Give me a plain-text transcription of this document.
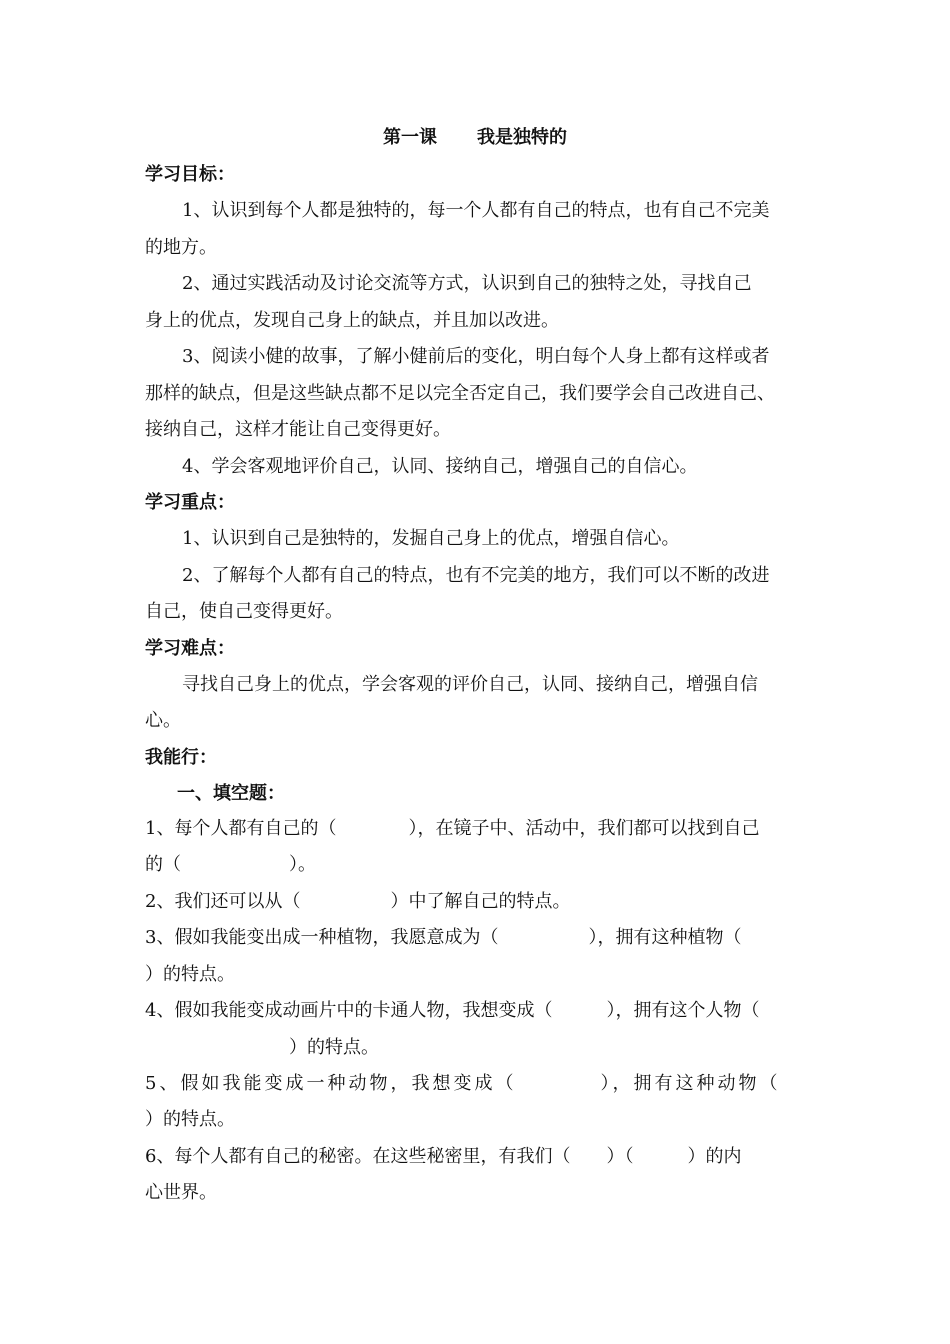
第一课 我是独特的
学习目标：
1、认识到每个人都是独特的，每一个人都有自己的特点，也有自己不完美
的地方。
2、通过实践活动及讨论交流等方式，认识到自己的独特之处，寻找自己
身上的优点，发现自己身上的缺点，并且加以改进。
3、阅读小健的故事，了解小健前后的变化，明白每个人身上都有这样或者
那样的缺点，但是这些缺点都不足以完全否定自己，我们要学会自己改进自己、
接纳自己，这样才能让自己变得更好。
4、学会客观地评价自己，认同、接纳自己，增强自己的自信心。
学习重点：
1、认识到自己是独特的，发掘自己身上的优点，增强自信心。
2、了解每个人都有自己的特点，也有不完美的地方，我们可以不断的改进
自己，使自己变得更好。
学习难点：
寻找自己身上的优点，学会客观的评价自己，认同、接纳自己，增强自信
心。
我能行：
一、填空题：
1、每个人都有自己的（　　　　），在镜子中、活动中，我们都可以找到自己
的（　　　　　　）。
2、我们还可以从（　　　　　）中了解自己的特点。
3、假如我能变出成一种植物，我愿意成为（　　　　　），拥有这种植物（
）的特点。
4、假如我能变成动画片中的卡通人物，我想变成（　　　），拥有这个人物（
　　　　　　　　）的特点。
5、假如我能变成一种动物，我想变成（　　　　），拥有这种动物（
）的特点。
6、每个人都有自己的秘密。在这些秘密里，有我们（　　）（　　　）的内
心世界。
